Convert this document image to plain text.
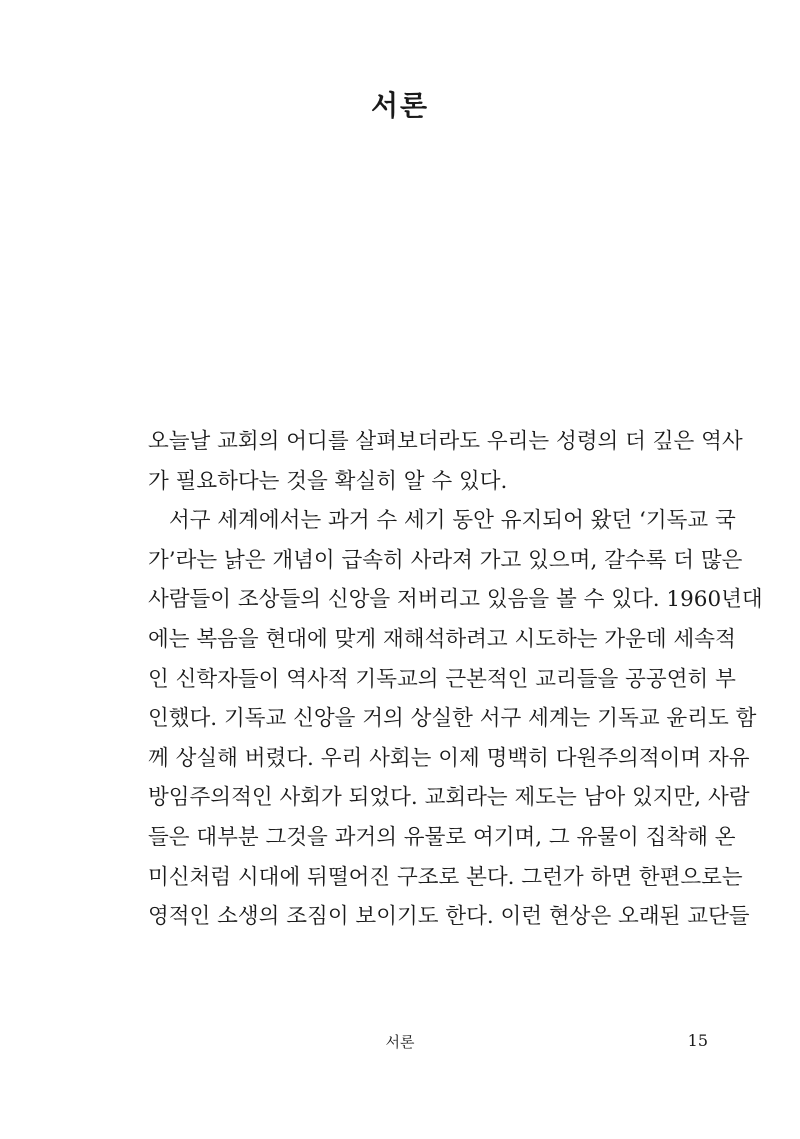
서론
오늘날 교회의 어디를 살펴보더라도 우리는 성령의 더 깊은 역사
가 필요하다는 것을 확실히 알 수 있다.
서구 세계에서는 과거 수 세기 동안 유지되어 왔던 ‘기독교 국
가’라는 낡은 개념이 급속히 사라져 가고 있으며, 갈수록 더 많은
사람들이 조상들의 신앙을 저버리고 있음을 볼 수 있다. 1960년대
에는 복음을 현대에 맞게 재해석하려고 시도하는 가운데 세속적
인 신학자들이 역사적 기독교의 근본적인 교리들을 공공연히 부
인했다. 기독교 신앙을 거의 상실한 서구 세계는 기독교 윤리도 함
께 상실해 버렸다. 우리 사회는 이제 명백히 다원주의적이며 자유
방임주의적인 사회가 되었다. 교회라는 제도는 남아 있지만, 사람
들은 대부분 그것을 과거의 유물로 여기며, 그 유물이 집착해 온
미신처럼 시대에 뒤떨어진 구조로 본다. 그런가 하면 한편으로는
영적인 소생의 조짐이 보이기도 한다. 이런 현상은 오래된 교단들
서론	15
